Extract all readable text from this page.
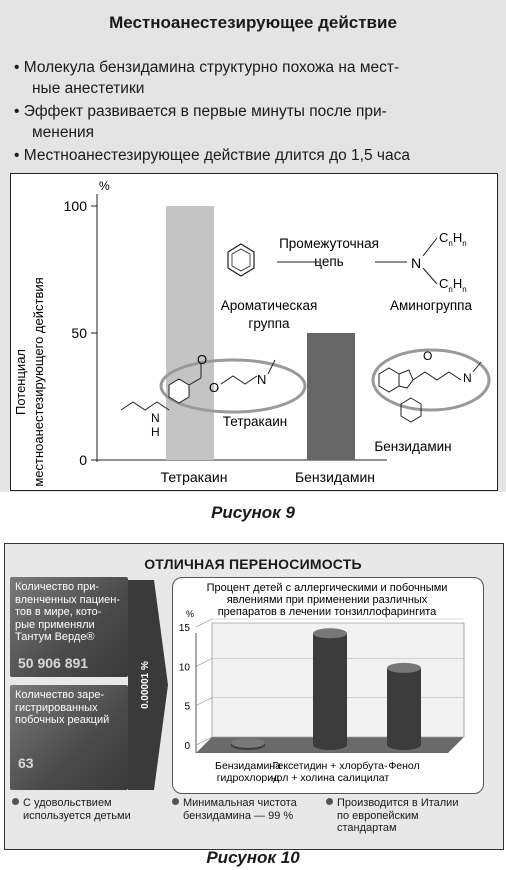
Местноанестезирующее действие
• Молекула бензидамина структурно похожа на мест-
ные анестетики
• Эффект развивается в первые минуты после при-
менения
• Местноанестезирующее действие длится до 1,5 часа
Потенциал местноанестезирующего действия
%
100
50
0
Промежуточная
цепь	N
$C_nH_n$
$C_nH_n$
Ароматическая
группа
Аминогруппа
O
O
N
N
H
Тетракаин
O
N
Бензидамин
Тетракаин	Бензидамин
Рисунок 9
ОТЛИЧНАЯ ПЕРЕНОСИМОСТЬ
Количество при-
вленченных пациен-
тов в мире, кото-
рые применяли
Тантум Верде®
50 906 891
Количество заре-
гистрированных
побочных реакций
63
0.00001 %
Процент детей с аллергическими и побочными
явлениями при применении различных
препаратов в лечении тонзиллофарингита
%
15
10
5
0
Бензидамина
гидрохлорид
Гексетидин + хлорбута-
нол + холина салицилат
Фенол
С удовольствием
используется детьми
Минимальная чистота
бензидамина — 99 %
Производится в Италии
по европейским
стандартам
Рисунок 10
